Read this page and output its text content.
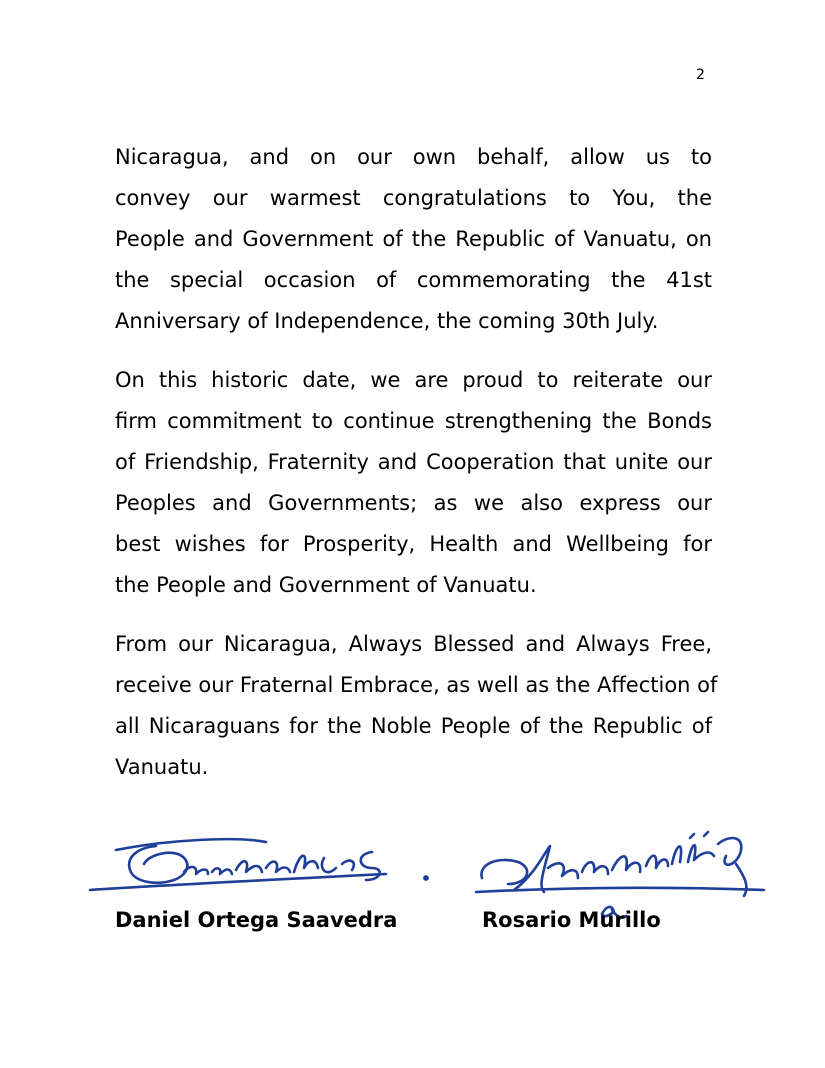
2
Nicaragua, and on our own behalf, allow us to
convey our warmest congratulations to You, the
People and Government of the Republic of Vanuatu, on
the special occasion of commemorating the 41st
Anniversary of Independence, the coming 30th July.
On this historic date, we are proud to reiterate our
firm commitment to continue strengthening the Bonds
of Friendship, Fraternity and Cooperation that unite our
Peoples and Governments; as we also express our
best wishes for Prosperity, Health and Wellbeing for
the People and Government of Vanuatu.
From our Nicaragua, Always Blessed and Always Free,
receive our Fraternal Embrace, as well as the Affection of
all Nicaraguans for the Noble People of the Republic of
Vanuatu.
Daniel Ortega Saavedra	Rosario Murillo
